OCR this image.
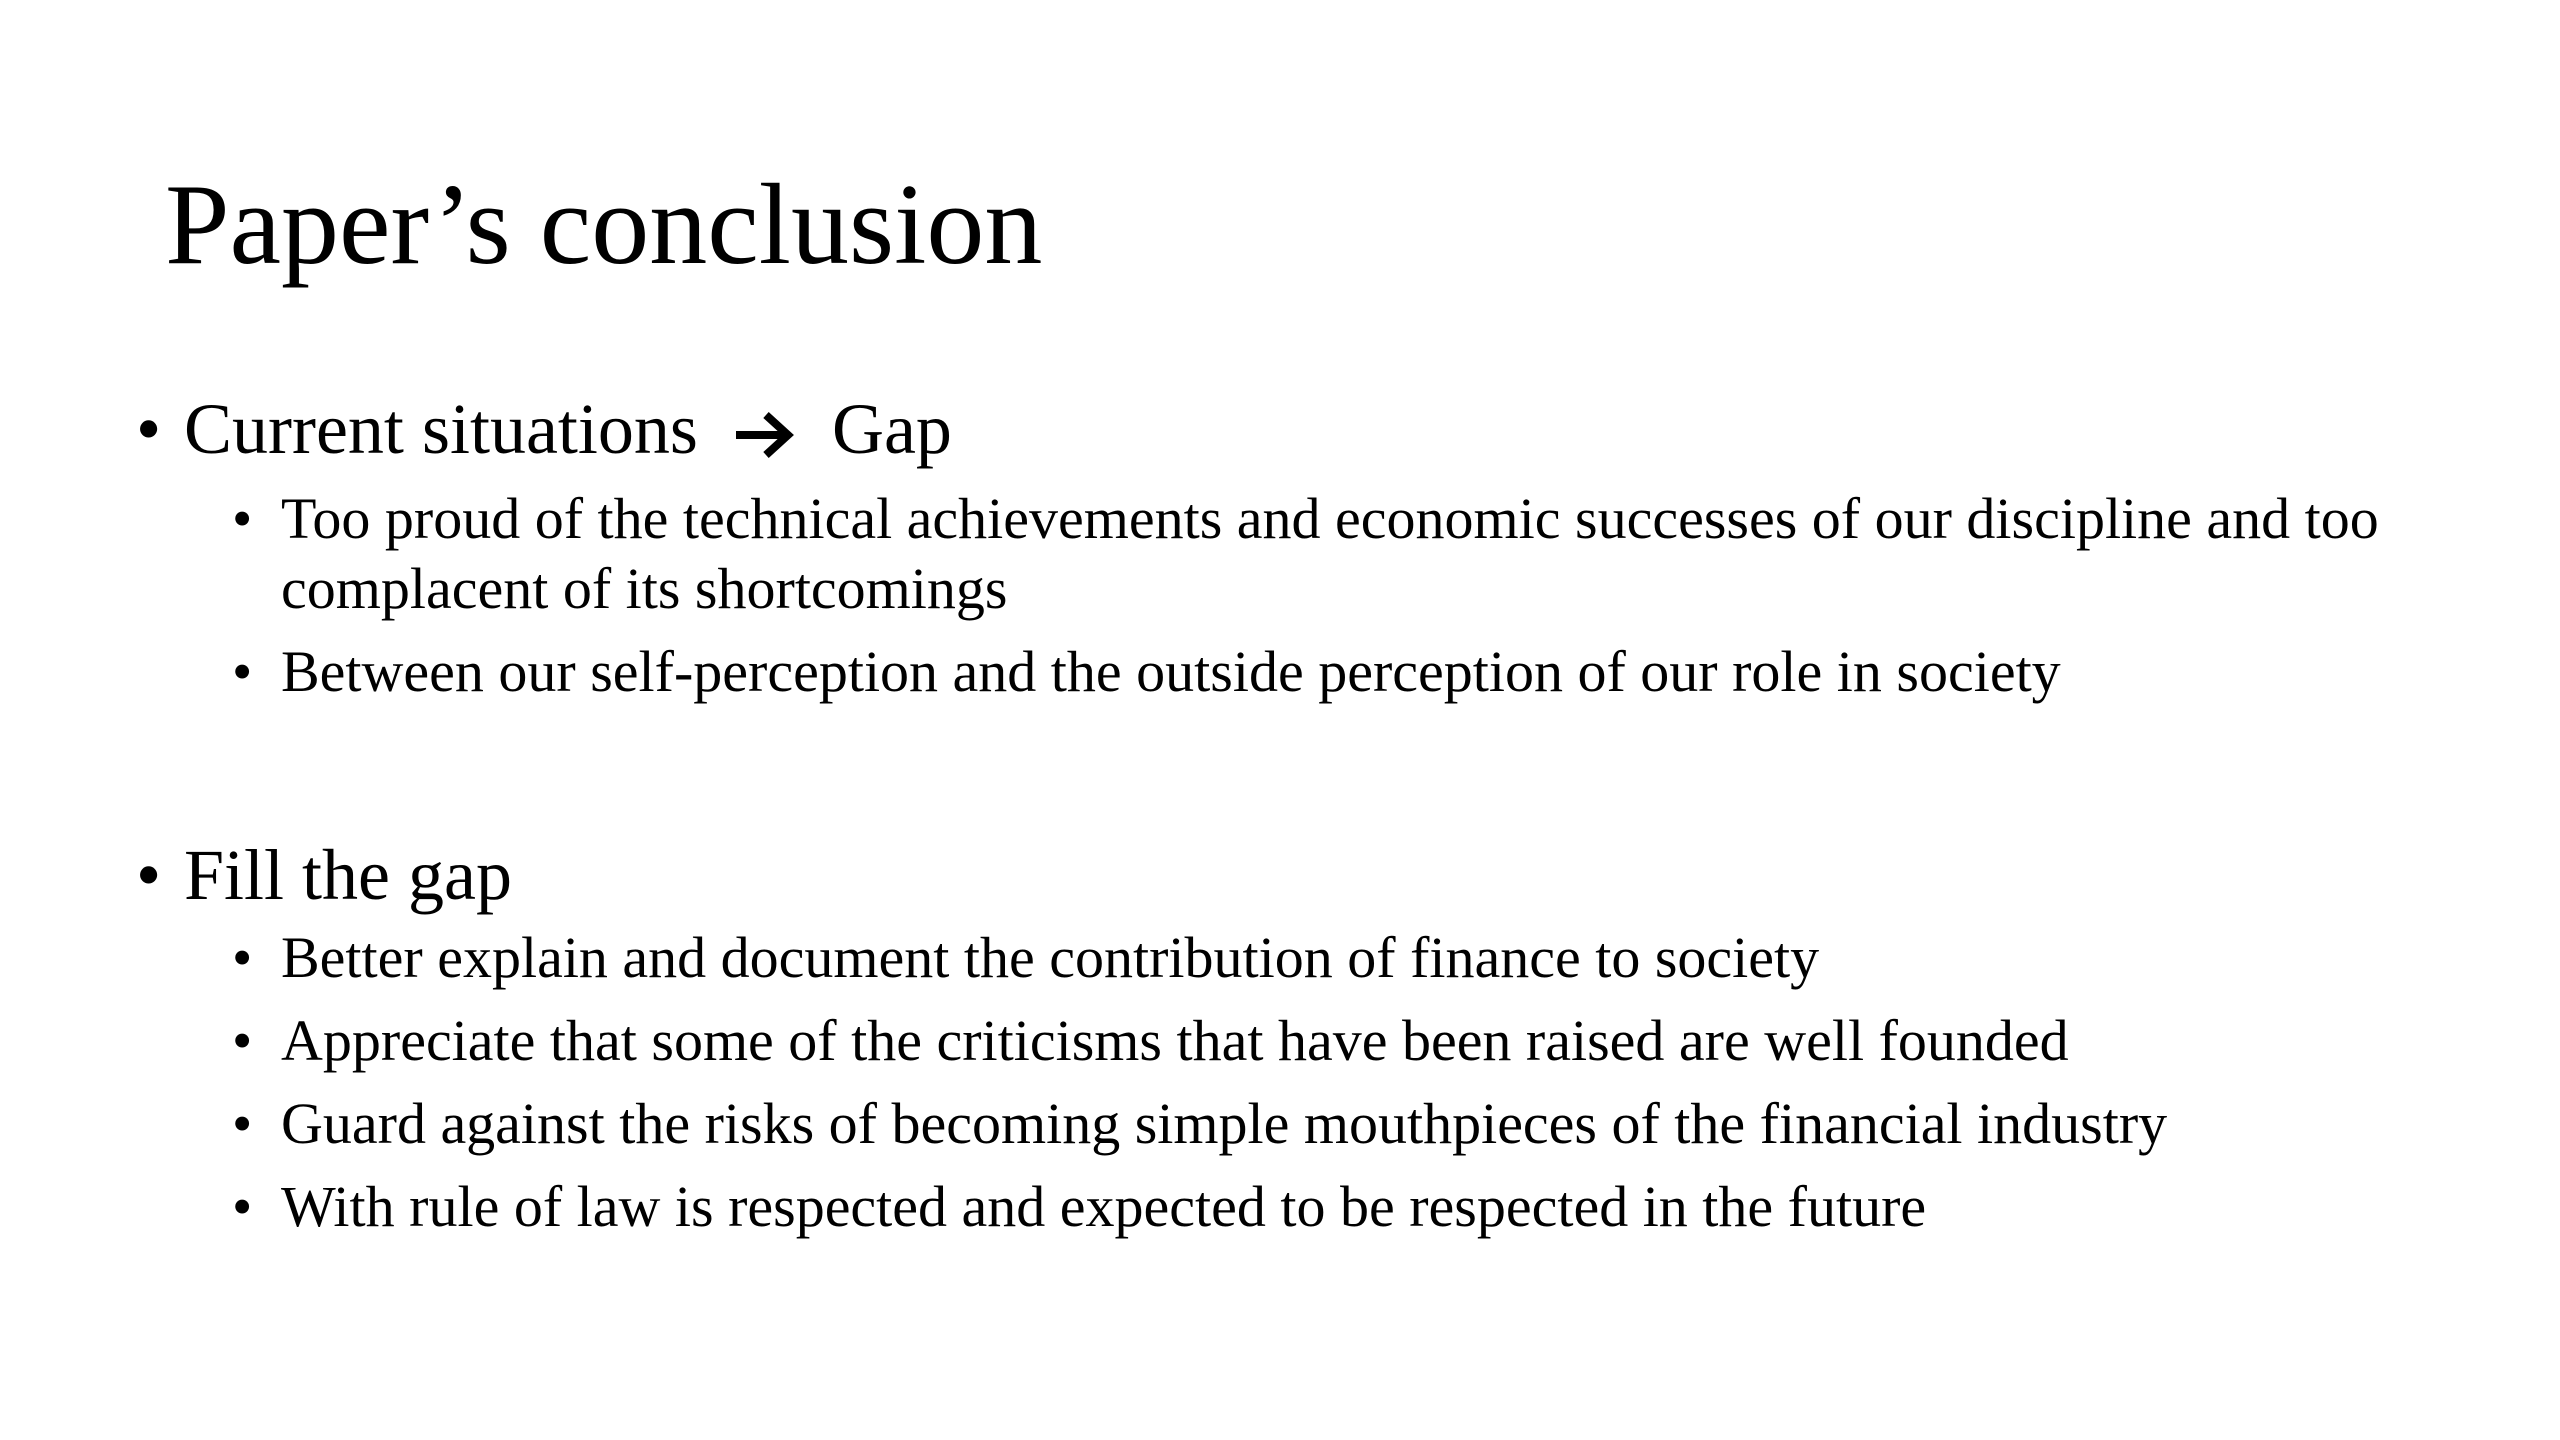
Paper’s conclusion
• Current situations Gap
• Too proud of the technical achievements and economic successes of our discipline and too complacent of its shortcomings
• Between our self-perception and the outside perception of our role in society
• Fill the gap
• Better explain and document the contribution of finance to society
• Appreciate that some of the criticisms that have been raised are well founded
• Guard against the risks of becoming simple mouthpieces of the financial industry
• With rule of law is respected and expected to be respected in the future
